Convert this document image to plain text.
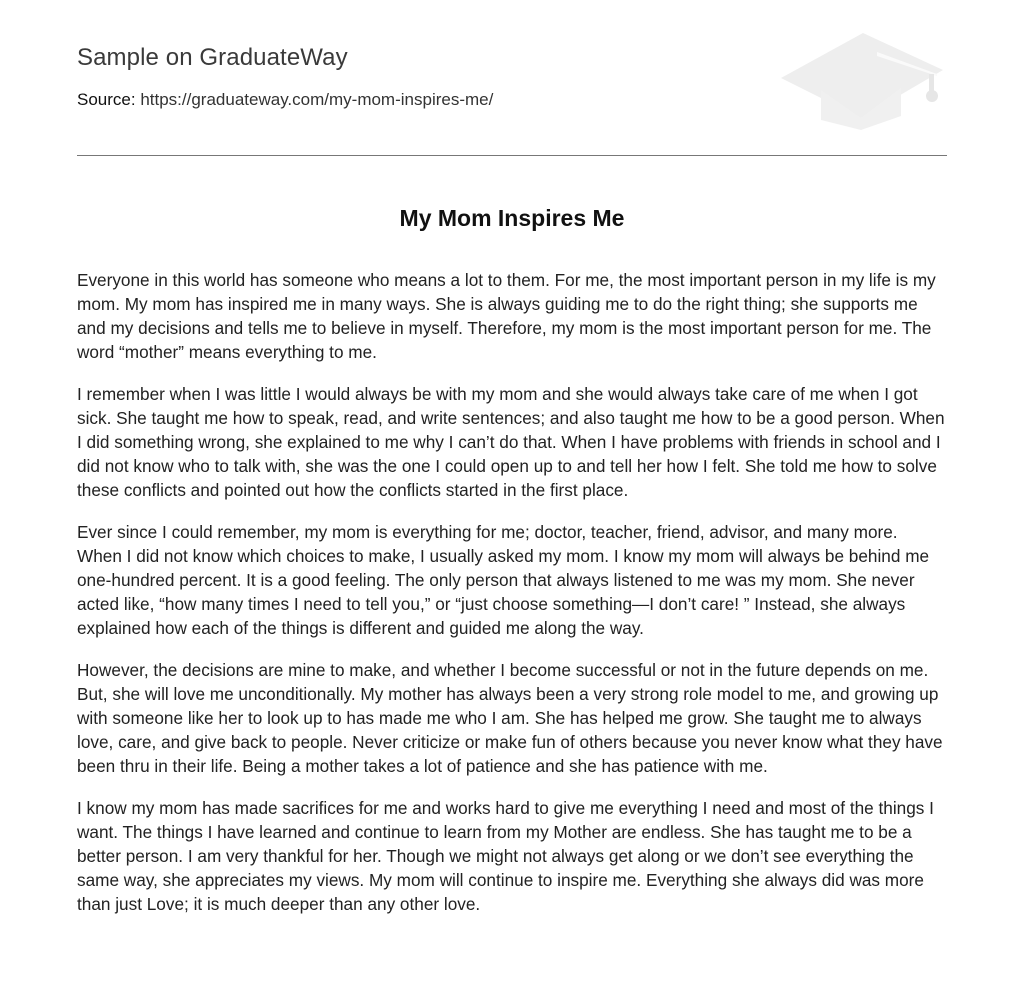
Sample on GraduateWay
Source: https://graduateway.com/my-mom-inspires-me/
My Mom Inspires Me

Everyone in this world has someone who means a lot to them. For me, the most important person in my life is my mom. My mom has inspired me in many ways. She is always guiding me to do the right thing; she supports me and my decisions and tells me to believe in myself. Therefore, my mom is the most important person for me. The word “mother” means everything to me.

I remember when I was little I would always be with my mom and she would always take care of me when I got sick. She taught me how to speak, read, and write sentences; and also taught me how to be a good person. When I did something wrong, she explained to me why I can’t do that. When I have problems with friends in school and I did not know who to talk with, she was the one I could open up to and tell her how I felt. She told me how to solve these conflicts and pointed out how the conflicts started in the first place.

Ever since I could remember, my mom is everything for me; doctor, teacher, friend, advisor, and many more. When I did not know which choices to make, I usually asked my mom. I know my mom will always be behind me one-hundred percent. It is a good feeling. The only person that always listened to me was my mom. She never acted like, “how many times I need to tell you,” or “just choose something—I don’t care! ” Instead, she always explained how each of the things is different and guided me along the way.

However, the decisions are mine to make, and whether I become successful or not in the future depends on me. But, she will love me unconditionally. My mother has always been a very strong role model to me, and growing up with someone like her to look up to has made me who I am. She has helped me grow. She taught me to always love, care, and give back to people. Never criticize or make fun of others because you never know what they have been thru in their life. Being a mother takes a lot of patience and she has patience with me.

I know my mom has made sacrifices for me and works hard to give me everything I need and most of the things I want. The things I have learned and continue to learn from my Mother are endless. She has taught me to be a better person. I am very thankful for her. Though we might not always get along or we don’t see everything the same way, she appreciates my views. My mom will continue to inspire me. Everything she always did was more than just Love; it is much deeper than any other love.
